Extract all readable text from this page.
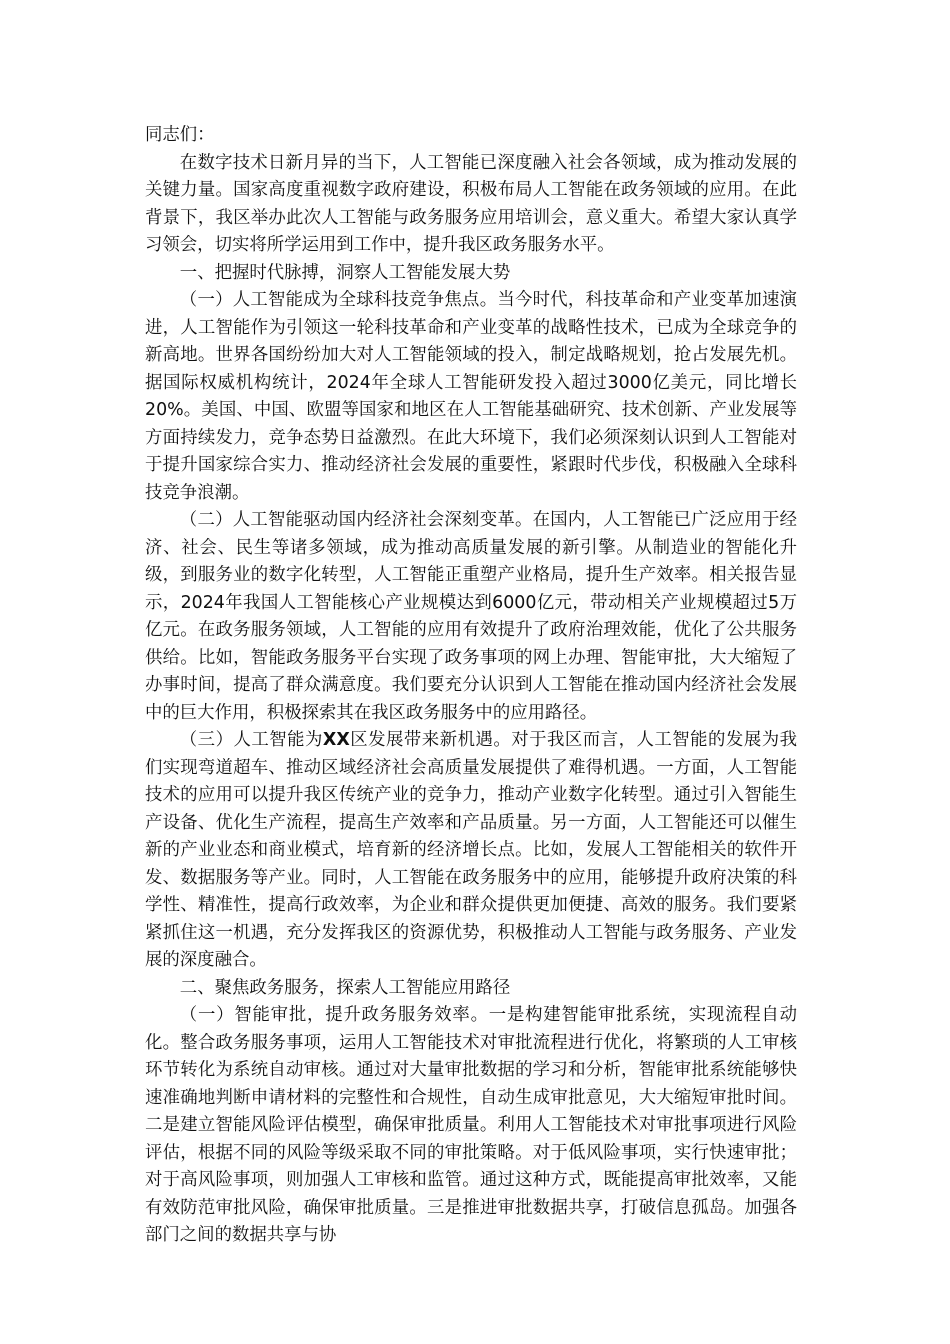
同志们：

在数字技术日新月异的当下，人工智能已深度融入社会各领域，成为推动发展的关键力量。国家高度重视数字政府建设，积极布局人工智能在政务领域的应用。在此背景下，我区举办此次人工智能与政务服务应用培训会，意义重大。希望大家认真学习领会，切实将所学运用到工作中，提升我区政务服务水平。

一、把握时代脉搏，洞察人工智能发展大势

（一）人工智能成为全球科技竞争焦点。当今时代，科技革命和产业变革加速演进，人工智能作为引领这一轮科技革命和产业变革的战略性技术，已成为全球竞争的新高地。世界各国纷纷加大对人工智能领域的投入，制定战略规划，抢占发展先机。据国际权威机构统计，2024年全球人工智能研发投入超过3000亿美元，同比增长20%。美国、中国、欧盟等国家和地区在人工智能基础研究、技术创新、产业发展等方面持续发力，竞争态势日益激烈。在此大环境下，我们必须深刻认识到人工智能对于提升国家综合实力、推动经济社会发展的重要性，紧跟时代步伐，积极融入全球科技竞争浪潮。

（二）人工智能驱动国内经济社会深刻变革。在国内，人工智能已广泛应用于经济、社会、民生等诸多领域，成为推动高质量发展的新引擎。从制造业的智能化升级，到服务业的数字化转型，人工智能正重塑产业格局，提升生产效率。相关报告显示，2024年我国人工智能核心产业规模达到6000亿元，带动相关产业规模超过5万亿元。在政务服务领域，人工智能的应用有效提升了政府治理效能，优化了公共服务供给。比如，智能政务服务平台实现了政务事项的网上办理、智能审批，大大缩短了办事时间，提高了群众满意度。我们要充分认识到人工智能在推动国内经济社会发展中的巨大作用，积极探索其在我区政务服务中的应用路径。

（三）人工智能为XX区发展带来新机遇。对于我区而言，人工智能的发展为我们实现弯道超车、推动区域经济社会高质量发展提供了难得机遇。一方面，人工智能技术的应用可以提升我区传统产业的竞争力，推动产业数字化转型。通过引入智能生产设备、优化生产流程，提高生产效率和产品质量。另一方面，人工智能还可以催生新的产业业态和商业模式，培育新的经济增长点。比如，发展人工智能相关的软件开发、数据服务等产业。同时，人工智能在政务服务中的应用，能够提升政府决策的科学性、精准性，提高行政效率，为企业和群众提供更加便捷、高效的服务。我们要紧紧抓住这一机遇，充分发挥我区的资源优势，积极推动人工智能与政务服务、产业发展的深度融合。

二、聚焦政务服务，探索人工智能应用路径

（一）智能审批，提升政务服务效率。一是构建智能审批系统，实现流程自动化。整合政务服务事项，运用人工智能技术对审批流程进行优化，将繁琐的人工审核环节转化为系统自动审核。通过对大量审批数据的学习和分析，智能审批系统能够快速准确地判断申请材料的完整性和合规性，自动生成审批意见，大大缩短审批时间。二是建立智能风险评估模型，确保审批质量。利用人工智能技术对审批事项进行风险评估，根据不同的风险等级采取不同的审批策略。对于低风险事项，实行快速审批；对于高风险事项，则加强人工审核和监管。通过这种方式，既能提高审批效率，又能有效防范审批风险，确保审批质量。三是推进审批数据共享，打破信息孤岛。加强各部门之间的数据共享与协
